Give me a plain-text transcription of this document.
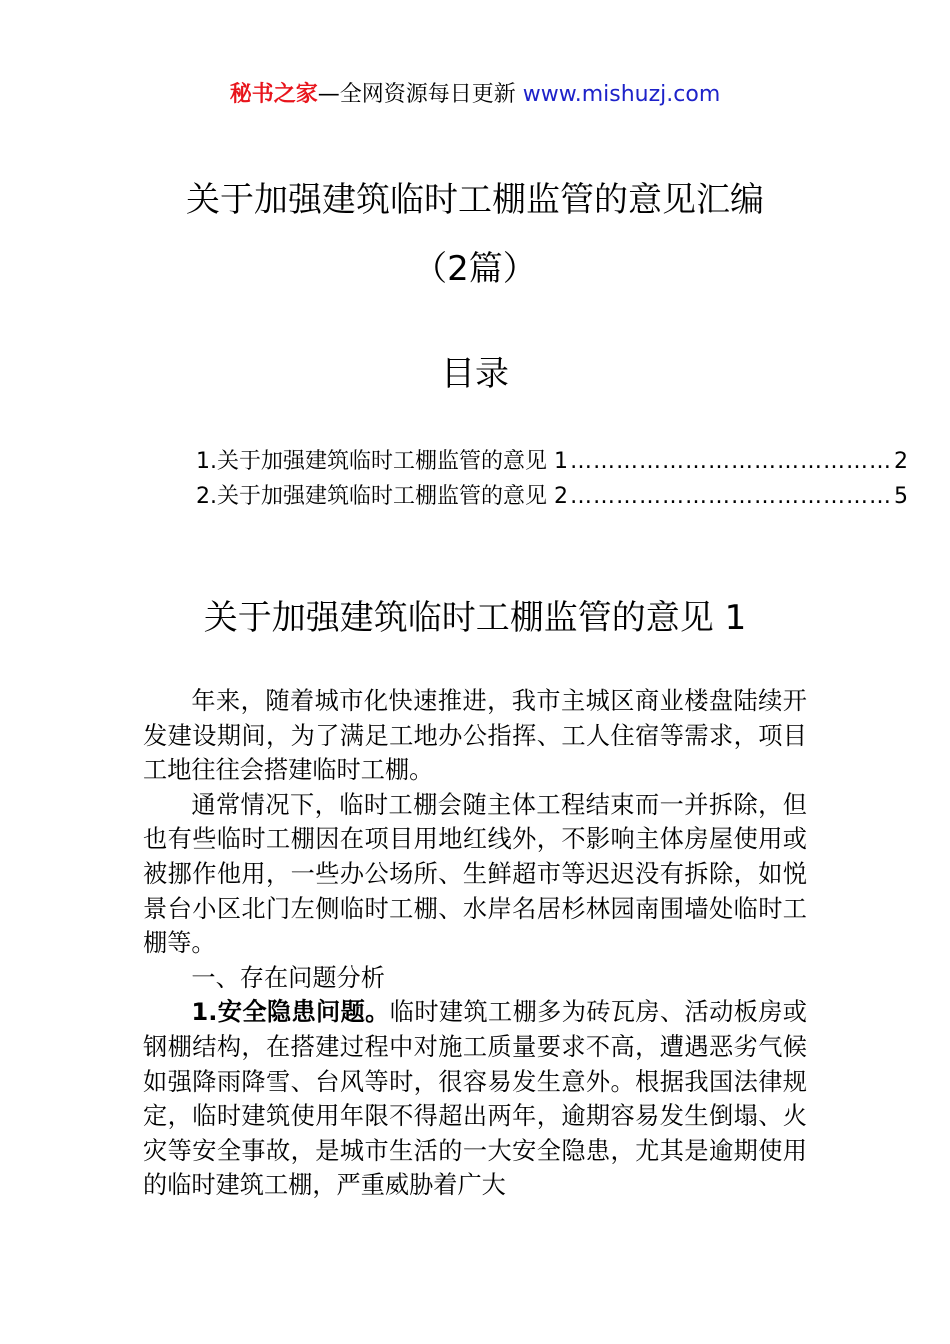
秘书之家—全网资源每日更新 www.mishuzj.com
关于加强建筑临时工棚监管的意见汇编
（2篇）
目录
1.关于加强建筑临时工棚监管的意见 1 …………………………………… 2
2.关于加强建筑临时工棚监管的意见 2 …………………………………… 5
关于加强建筑临时工棚监管的意见 1

年来，随着城市化快速推进，我市主城区商业楼盘陆续开发建设期间，为了满足工地办公指挥、工人住宿等需求，项目工地往往会搭建临时工棚。

通常情况下，临时工棚会随主体工程结束而一并拆除，但也有些临时工棚因在项目用地红线外，不影响主体房屋使用或被挪作他用，一些办公场所、生鲜超市等迟迟没有拆除，如悦景台小区北门左侧临时工棚、水岸名居杉林园南围墙处临时工棚等。

一、存在问题分析

1.安全隐患问题。临时建筑工棚多为砖瓦房、活动板房或钢棚结构，在搭建过程中对施工质量要求不高，遭遇恶劣气候如强降雨降雪、台风等时，很容易发生意外。根据我国法律规定，临时建筑使用年限不得超出两年，逾期容易发生倒塌、火灾等安全事故，是城市生活的一大安全隐患，尤其是逾期使用的临时建筑工棚，严重威胁着广大
